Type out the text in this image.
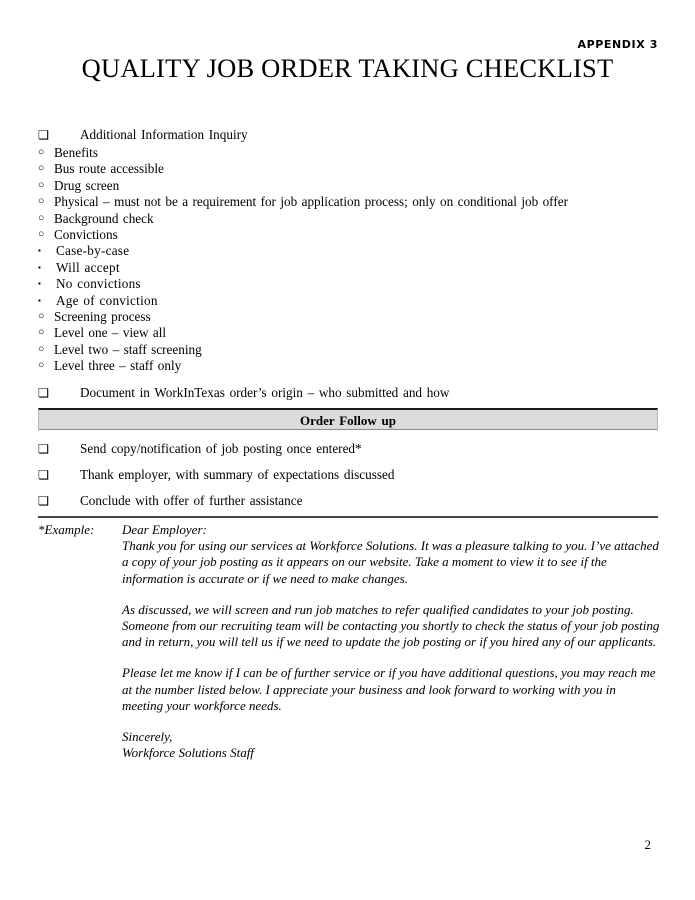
APPENDIX 3
QUALITY JOB ORDER TAKING CHECKLIST
❏	Additional Information Inquiry
○ Benefits
○ Bus route accessible
○ Drug screen
○ Physical – must not be a requirement for job application process; only on conditional job offer
○ Background check
○ Convictions
▪	Case-by-case
▪	Will accept
▪	No convictions
▪	Age of conviction
○ Screening process
○ Level one – view all
○ Level two – staff screening
○ Level three – staff only
❏	Document in WorkInTexas order’s origin – who submitted and how
Order Follow up
❏	Send copy/notification of job posting once entered*
❏	Thank employer, with summary of expectations discussed
❏	Conclude with offer of further assistance
*Example:	Dear Employer:

Thank you for using our services at Workforce Solutions. It was a pleasure talking to you. I’ve attached a copy of your job posting as it appears on our website. Take a moment to view it to see if the information is accurate or if we need to make changes.

As discussed, we will screen and run job matches to refer qualified candidates to your job posting. Someone from our recruiting team will be contacting you shortly to check the status of your job posting and in return, you will tell us if we need to update the job posting or if you hired any of our applicants.

Please let me know if I can be of further service or if you have additional questions, you may reach me at the number listed below. I appreciate your business and look forward to working with you in meeting your workforce needs.

Sincerely,

Workforce Solutions Staff

2
